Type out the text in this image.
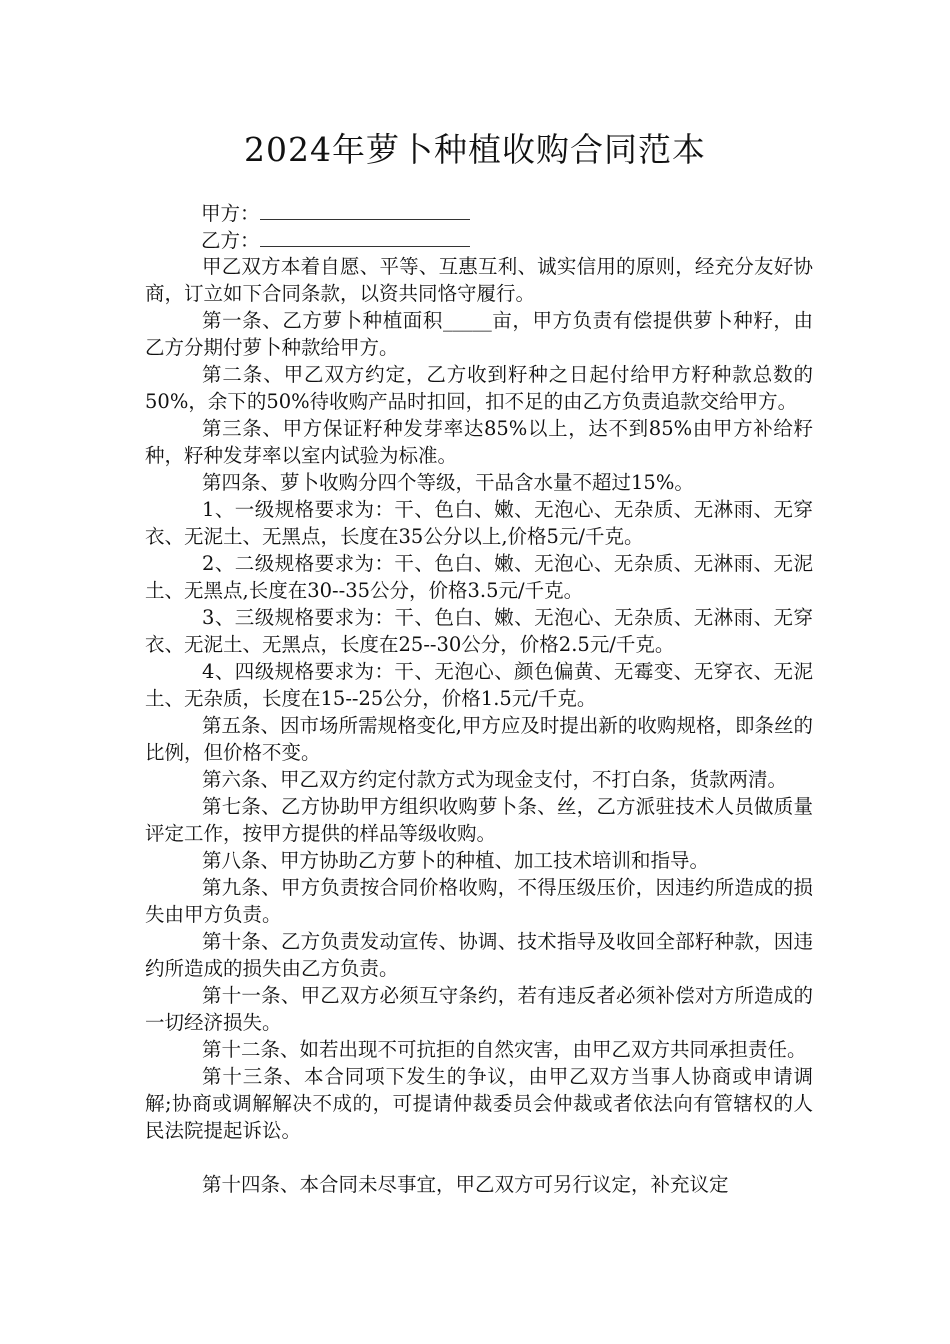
2024年萝卜种植收购合同范本
甲方：
乙方：

甲乙双方本着自愿、平等、互惠互利、诚实信用的原则，经充分友好协商，订立如下合同条款，以资共同恪守履行。

第一条、乙方萝卜种植面积_____亩，甲方负责有偿提供萝卜种籽，由乙方分期付萝卜种款给甲方。

第二条、甲乙双方约定，乙方收到籽种之日起付给甲方籽种款总数的50%，余下的50%待收购产品时扣回，扣不足的由乙方负责追款交给甲方。

第三条、甲方保证籽种发芽率达85%以上，达不到85%由甲方补给籽种，籽种发芽率以室内试验为标准。

第四条、萝卜收购分四个等级，干品含水量不超过15%。

1、一级规格要求为：干、色白、嫩、无泡心、无杂质、无淋雨、无穿衣、无泥土、无黑点，长度在35公分以上,价格5元/千克。

2、二级规格要求为：干、色白、嫩、无泡心、无杂质、无淋雨、无泥土、无黑点,长度在30--35公分，价格3.5元/千克。

3、三级规格要求为：干、色白、嫩、无泡心、无杂质、无淋雨、无穿衣、无泥土、无黑点，长度在25--30公分，价格2.5元/千克。

4、四级规格要求为：干、无泡心、颜色偏黄、无霉变、无穿衣、无泥土、无杂质，长度在15--25公分，价格1.5元/千克。

第五条、因市场所需规格变化,甲方应及时提出新的收购规格，即条丝的比例，但价格不变。

第六条、甲乙双方约定付款方式为现金支付，不打白条，货款两清。

第七条、乙方协助甲方组织收购萝卜条、丝，乙方派驻技术人员做质量评定工作，按甲方提供的样品等级收购。

第八条、甲方协助乙方萝卜的种植、加工技术培训和指导。

第九条、甲方负责按合同价格收购，不得压级压价，因违约所造成的损失由甲方负责。

第十条、乙方负责发动宣传、协调、技术指导及收回全部籽种款，因违约所造成的损失由乙方负责。

第十一条、甲乙双方必须互守条约，若有违反者必须补偿对方所造成的一切经济损失。

第十二条、如若出现不可抗拒的自然灾害，由甲乙双方共同承担责任。

第十三条、本合同项下发生的争议，由甲乙双方当事人协商或申请调解;协商或调解解决不成的，可提请仲裁委员会仲裁或者依法向有管辖权的人民法院提起诉讼。

第十四条、本合同未尽事宜，甲乙双方可另行议定，补充议定
